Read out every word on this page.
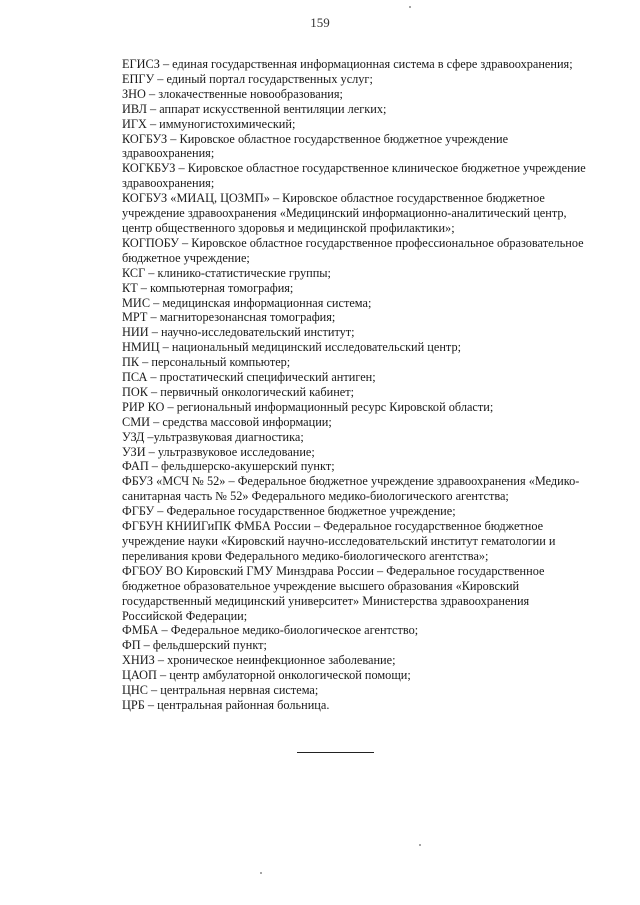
159
ЕГИСЗ – единая государственная информационная система в сфере здравоохранения;
ЕПГУ – единый портал государственных услуг;
ЗНО – злокачественные новообразования;
ИВЛ – аппарат искусственной вентиляции легких;
ИГХ – иммуногистохимический;
КОГБУЗ – Кировское областное государственное бюджетное учреждение здравоохранения;
КОГКБУЗ – Кировское областное государственное клиническое бюджетное учреждение здравоохранения;
КОГБУЗ «МИАЦ, ЦОЗМП» – Кировское областное государственное бюджетное учреждение здравоохранения «Медицинский информационно-аналитический центр, центр общественного здоровья и медицинской профилактики»;
КОГПОБУ – Кировское областное государственное профессиональное образовательное бюджетное учреждение;
КСГ – клинико-статистические группы;
КТ – компьютерная томография;
МИС – медицинская информационная система;
МРТ – магниторезонансная томография;
НИИ – научно-исследовательский институт;
НМИЦ – национальный медицинский исследовательский центр;
ПК – персональный компьютер;
ПСА – простатический специфический антиген;
ПОК – первичный онкологический кабинет;
РИР КО – региональный информационный ресурс Кировской области;
СМИ – средства массовой информации;
УЗД –ультразвуковая диагностика;
УЗИ – ультразвуковое исследование;
ФАП – фельдшерско-акушерский пункт;
ФБУЗ «МСЧ № 52» – Федеральное бюджетное учреждение здравоохранения «Медико-санитарная часть № 52» Федерального медико-биологического агентства;
ФГБУ – Федеральное государственное бюджетное учреждение;
ФГБУН КНИИГиПК ФМБА России – Федеральное государственное бюджетное учреждение науки «Кировский научно-исследовательский институт гематологии и переливания крови Федерального медико-биологического агентства»;
ФГБОУ ВО Кировский ГМУ Минздрава России – Федеральное государственное бюджетное образовательное учреждение высшего образования «Кировский государственный медицинский университет» Министерства здравоохранения Российской Федерации;
ФМБА – Федеральное медико-биологическое агентство;
ФП – фельдшерский пункт;
ХНИЗ – хроническое неинфекционное заболевание;
ЦАОП – центр амбулаторной онкологической помощи;
ЦНС – центральная нервная система;
ЦРБ – центральная районная больница.
